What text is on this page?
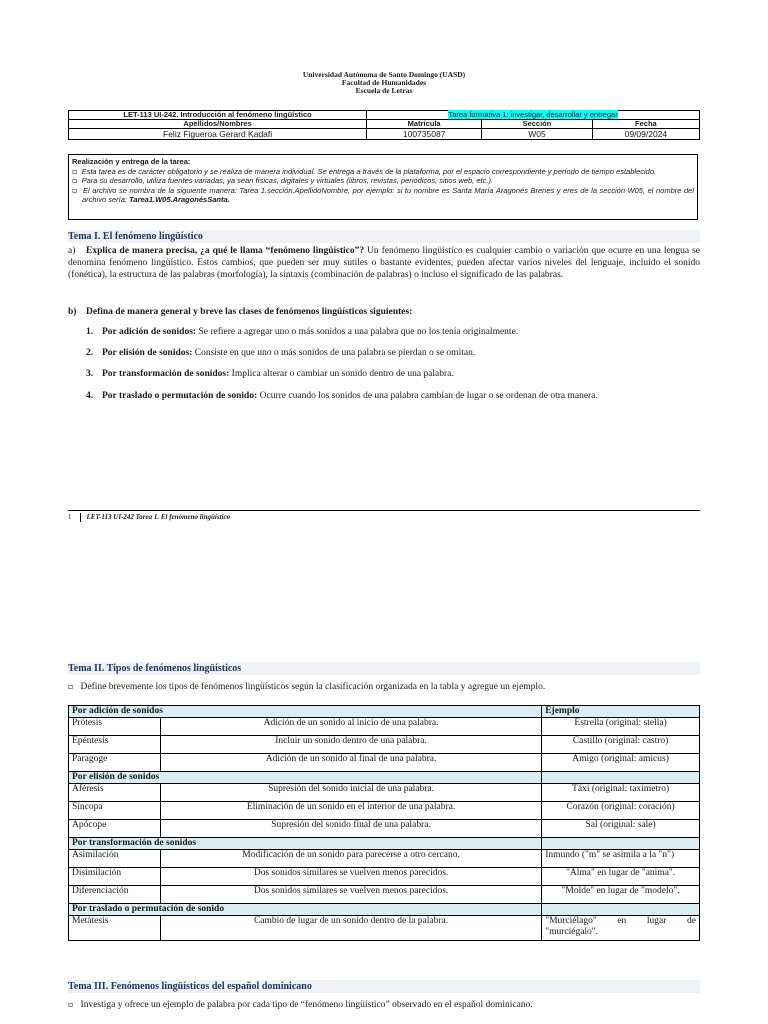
Universidad Autónoma de Santo Domingo (UASD)
Facultad de Humanidades
Escuela de Letras
LET-113 UI-242. Introducción al fenómeno lingüístico	Tarea formativa 1: investigar, desarrollar y entregar		
Apellidos/Nombres	Matrícula	Sección	Fecha
Feliz Figueroa Gerard Kadafi	100735087	W05	09/09/2024
Realización y entrega de la tarea:
▫ Esta tarea es de carácter obligatorio y se realiza de manera individual. Se entrega a través de la plataforma, por el espacio correspondiente y período de tiempo establecido.
▫ Para su desarrollo, utiliza fuentes variadas, ya sean físicas, digitales y virtuales (libros, revistas, periódicos, sitios web, etc.).
▫ El archivo se nombra de la siguiente manera: Tarea 1.sección.ApellidoNombre, por ejemplo: si tu nombre es Santa María Aragonés Brenes y eres de la sección W05, el nombre del archivo sería: Tarea1.W05.AragonésSanta.
Tema I. El fenómeno lingüístico
a) Explica de manera precisa, ¿a qué le llama “fenómeno lingüístico”? Un fenómeno lingüístico es cualquier cambio o variación que ocurre en una lengua se denomina fenómeno lingüístico. Estos cambios, que pueden ser muy sutiles o bastante evidentes, pueden afectar varios niveles del lenguaje, incluido el sonido (fonética), la estructura de las palabras (morfología), la sintaxis (combinación de palabras) o incluso el significado de las palabras.
b) Defina de manera general y breve las clases de fenómenos lingüísticos siguientes:
1. Por adición de sonidos: Se refiere a agregar uno o más sonidos a una palabra que no los tenía originalmente.
2. Por elisión de sonidos: Consiste en que uno o más sonidos de una palabra se pierdan o se omitan.
3. Por transformación de sonidos: Implica alterar o cambiar un sonido dentro de una palabra.
4. Por traslado o permutación de sonido: Ocurre cuando los sonidos de una palabra cambian de lugar o se ordenan de otra manera.
1 LET-113 UI-242 Tarea 1. El fenómeno lingüístico
Tema II. Tipos de fenómenos lingüísticos
▫ Define brevemente los tipos de fenómenos lingüísticos según la clasificación organizada en la tabla y agregue un ejemplo.
Por adición de sonidos		Ejemplo
Prótesis	Adición de un sonido al inicio de una palabra.	Estrella (original: stella)
Epéntesis	Incluir un sonido dentro de una palabra.	Castillo (original: castro)
Paragoge	Adición de un sonido al final de una palabra.	Amigo (original: amicus)
Por elisión de sonidos		
Aféresis	Supresión del sonido inicial de una palabra.	Táxi (original: taxímetro)
Síncopa	Eliminación de un sonido en el interior de una palabra.	Corazón (original: coración)
Apócope	Supresión del sonido final de una palabra.	Sal (original: sale)
Por transformación de sonidos		
Asimilación	Modificación de un sonido para parecerse a otro cercano.	Inmundo ("m" se asimila a la "n")
Disimilación	Dos sonidos similares se vuelven menos parecidos.	"Alma" en lugar de "anima".
Diferenciación	Dos sonidos similares se vuelven menos parecidos.	"Molde" en lugar de "modelo".
Por traslado o permutación de sonido		
Metátesis	Cambio de lugar de un sonido dentro de la palabra.	"Murciélago" en lugar de "murciégalo".
Tema III. Fenómenos lingüísticos del español dominicano
▫ Investiga y ofrece un ejemplo de palabra por cada tipo de “fenómeno lingüístico” observado en el español dominicano.
